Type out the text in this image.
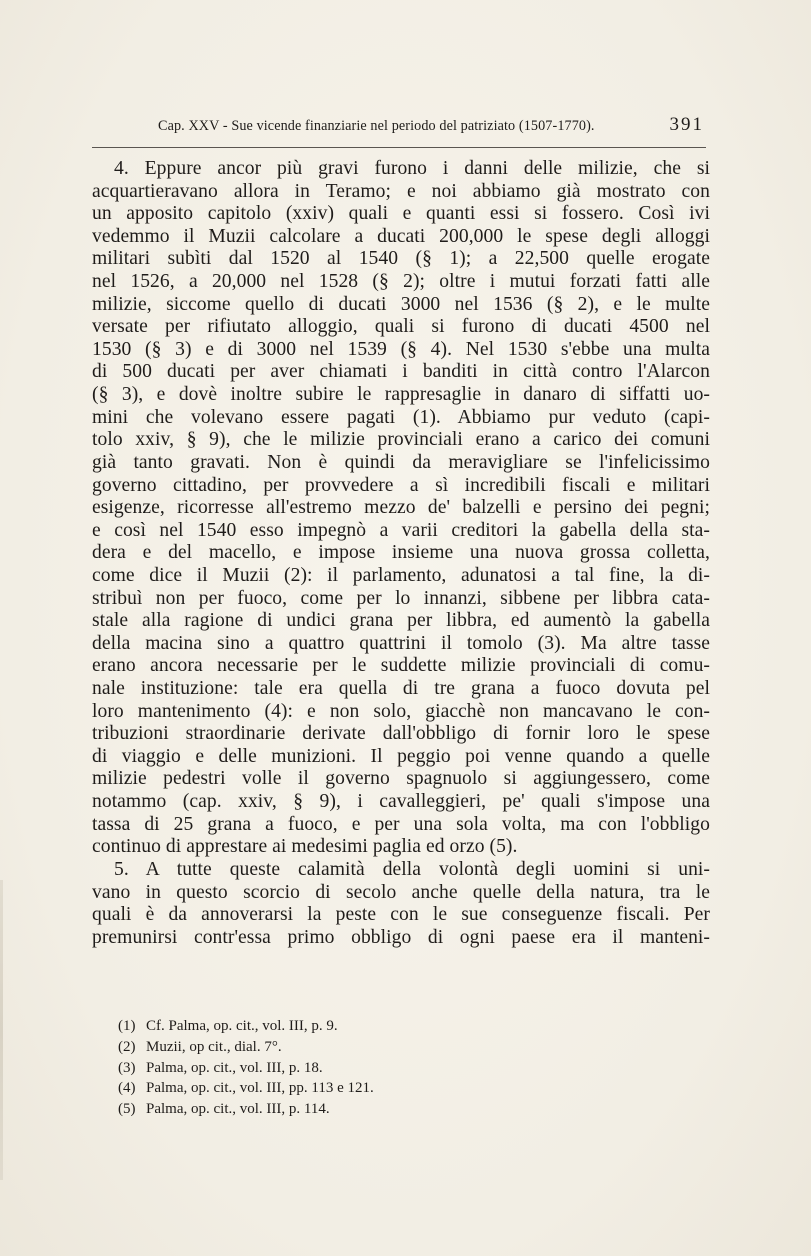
Cap. XXV - Sue vicende finanziarie nel periodo del patriziato (1507-1770).	391
4. Eppure ancor più gravi furono i danni delle milizie, che si
acquartieravano allora in Teramo; e noi abbiamo già mostrato con
un apposito capitolo (xxiv) quali e quanti essi si fossero. Così ivi
vedemmo il Muzii calcolare a ducati 200,000 le spese degli alloggi
militari subìti dal 1520 al 1540 (§ 1); a 22,500 quelle erogate
nel 1526, a 20,000 nel 1528 (§ 2); oltre i mutui forzati fatti alle
milizie, siccome quello di ducati 3000 nel 1536 (§ 2), e le multe
versate per rifiutato alloggio, quali si furono di ducati 4500 nel
1530 (§ 3) e di 3000 nel 1539 (§ 4). Nel 1530 s'ebbe una multa
di 500 ducati per aver chiamati i banditi in città contro l'Alarcon
(§ 3), e dovè inoltre subire le rappresaglie in danaro di siffatti uo-
mini che volevano essere pagati (1). Abbiamo pur veduto (capi-
tolo xxiv, § 9), che le milizie provinciali erano a carico dei comuni
già tanto gravati. Non è quindi da meravigliare se l'infelicissimo
governo cittadino, per provvedere a sì incredibili fiscali e militari
esigenze, ricorresse all'estremo mezzo de' balzelli e persino dei pegni;
e così nel 1540 esso impegnò a varii creditori la gabella della sta-
dera e del macello, e impose insieme una nuova grossa colletta,
come dice il Muzii (2): il parlamento, adunatosi a tal fine, la di-
stribuì non per fuoco, come per lo innanzi, sibbene per libbra cata-
stale alla ragione di undici grana per libbra, ed aumentò la gabella
della macina sino a quattro quattrini il tomolo (3). Ma altre tasse
erano ancora necessarie per le suddette milizie provinciali di comu-
nale instituzione: tale era quella di tre grana a fuoco dovuta pel
loro mantenimento (4): e non solo, giacchè non mancavano le con-
tribuzioni straordinarie derivate dall'obbligo di fornir loro le spese
di viaggio e delle munizioni. Il peggio poi venne quando a quelle
milizie pedestri volle il governo spagnuolo si aggiungessero, come
notammo (cap. xxiv, § 9), i cavalleggieri, pe' quali s'impose una
tassa di 25 grana a fuoco, e per una sola volta, ma con l'obbligo
continuo di apprestare ai medesimi paglia ed orzo (5).
5. A tutte queste calamità della volontà degli uomini si uni-
vano in questo scorcio di secolo anche quelle della natura, tra le
quali è da annoverarsi la peste con le sue conseguenze fiscali. Per
premunirsi contr'essa primo obbligo di ogni paese era il manteni-
(1) Cf. Palma, op. cit., vol. III, p. 9.
(2) Muzii, op cit., dial. 7°.
(3) Palma, op. cit., vol. III, p. 18.
(4) Palma, op. cit., vol. III, pp. 113 e 121.
(5) Palma, op. cit., vol. III, p. 114.
